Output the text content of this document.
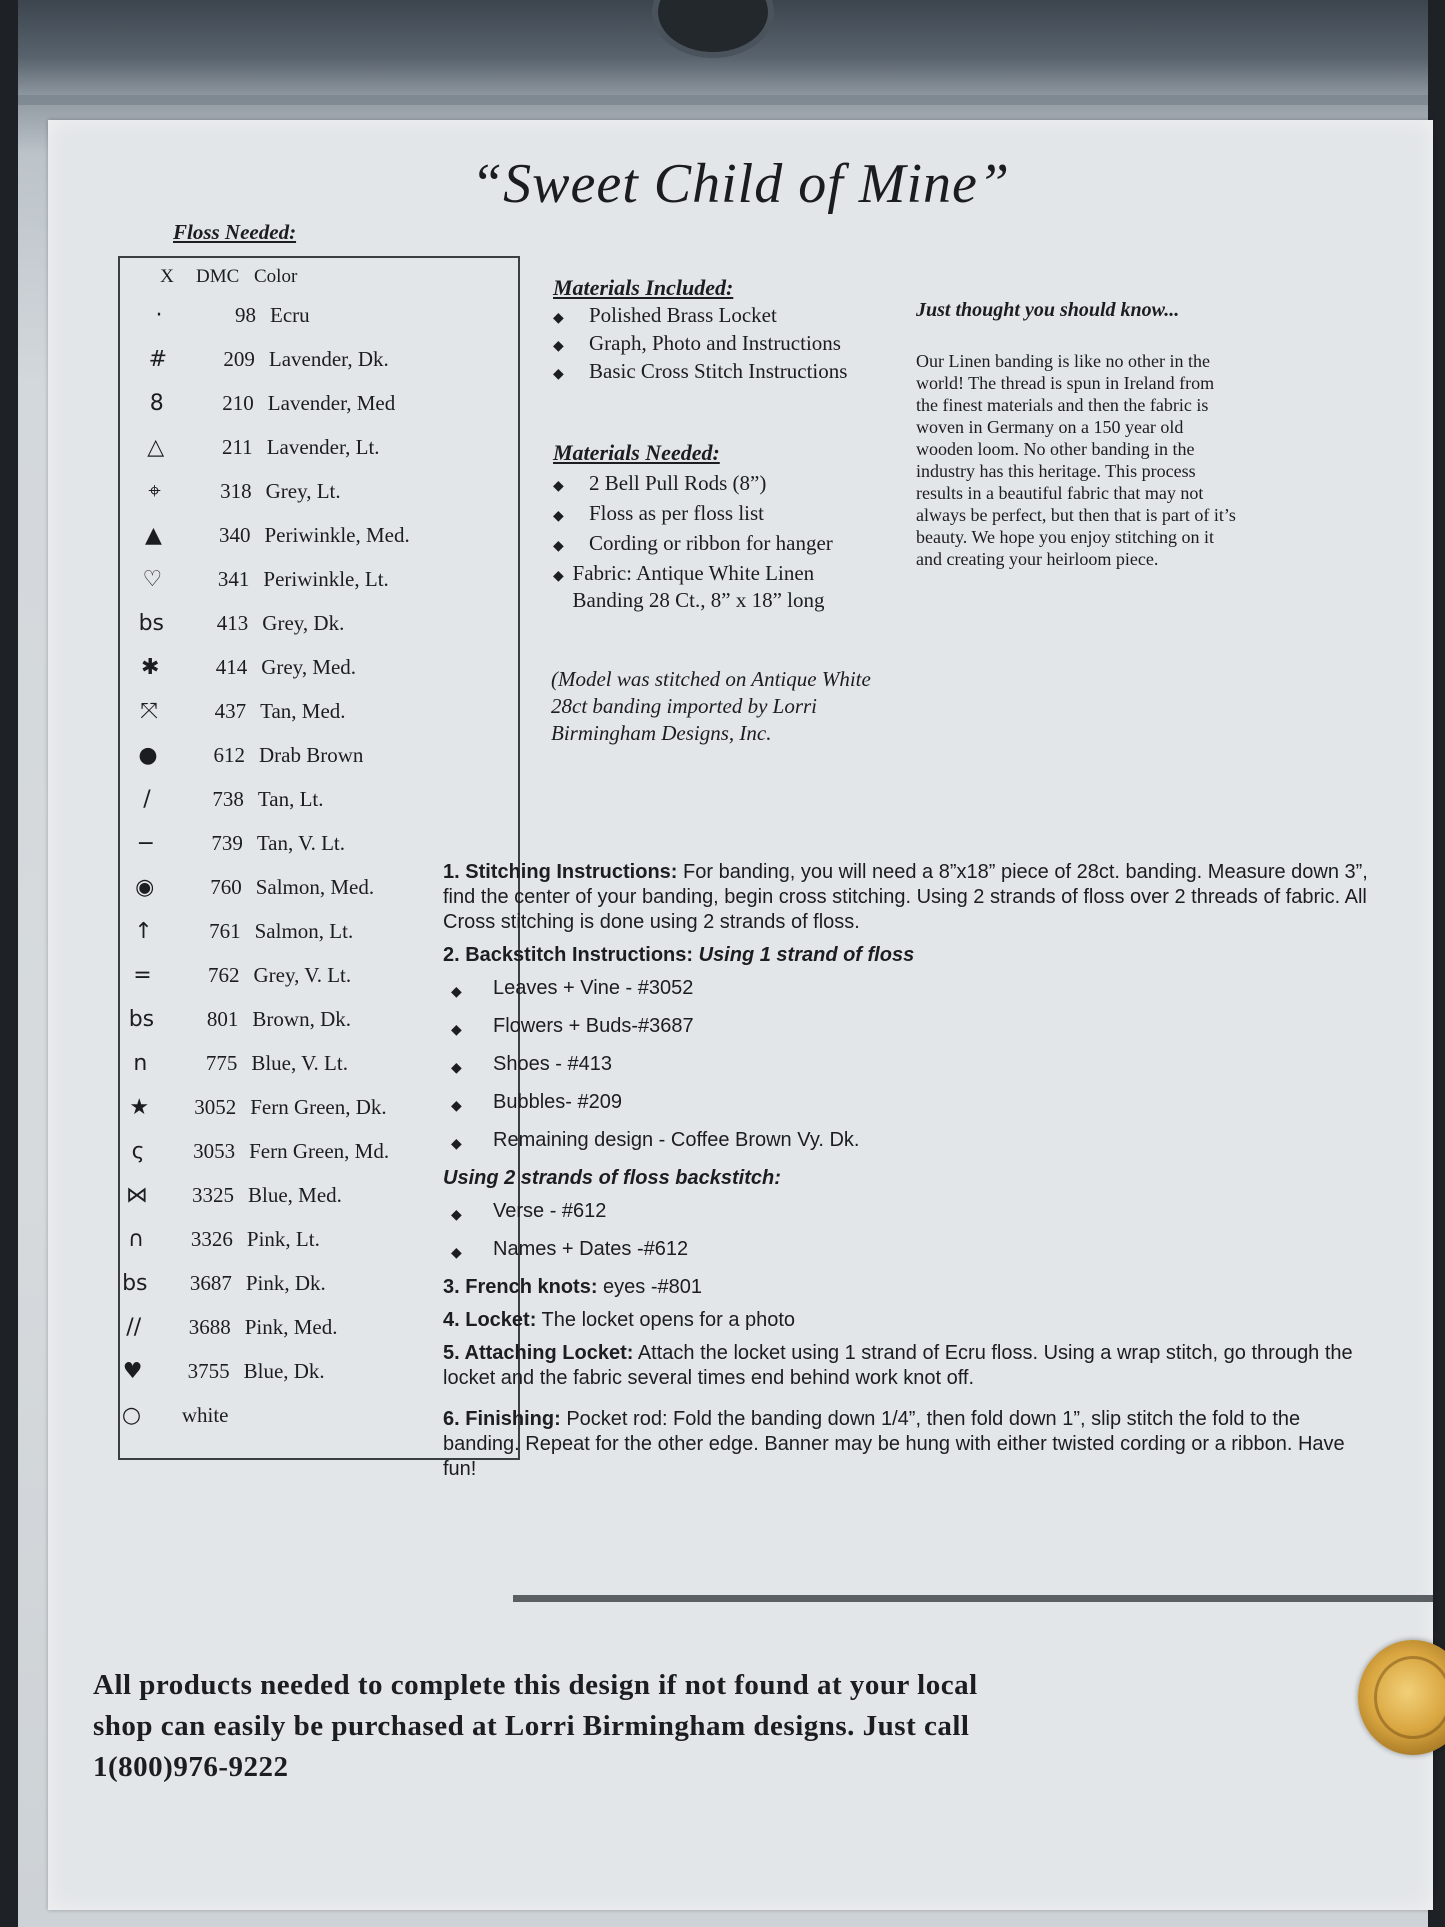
“Sweet Child of Mine”
Floss Needed:
X	DMC Color
·	98 Ecru
#	209 Lavender, Dk.
8	210 Lavender, Med
△	211 Lavender, Lt.
⌖	318 Grey, Lt.
▲	340 Periwinkle, Med.
♡	341 Periwinkle, Lt.
bs	413 Grey, Dk.
✱	414 Grey, Med.
⤧	437 Tan, Med.
●	612 Drab Brown
/	738 Tan, Lt.
−	739 Tan, V. Lt.
◉	760 Salmon, Med.
↑	761 Salmon, Lt.
=	762 Grey, V. Lt.
bs	801 Brown, Dk.
n	775 Blue, V. Lt.
★	3052 Fern Green, Dk.
ς	3053 Fern Green, Md.
⋈	3325 Blue, Med.
∩	3326 Pink, Lt.
bs	3687 Pink, Dk.
//	3688 Pink, Med.
♥	3755 Blue, Dk.
○	white
Materials Included:
◆	Polished Brass Locket
◆	Graph, Photo and Instructions
◆	Basic Cross Stitch Instructions
Materials Needed:
◆	2 Bell Pull Rods (8”)
◆	Floss as per floss list
◆	Cording or ribbon for hanger
◆ Fabric: Antique White Linen Banding 28 Ct., 8” x 18” long
(Model was stitched on Antique White 28ct banding imported by Lorri Birmingham Designs, Inc.
Just thought you should know...
Our Linen banding is like no other in the world! The thread is spun in Ireland from the finest materials and then the fabric is woven in Germany on a 150 year old wooden loom. No other banding in the industry has this heritage. This process results in a beautiful fabric that may not always be perfect, but then that is part of it’s beauty. We hope you enjoy stitching on it and creating your heirloom piece.

1. Stitching Instructions: For banding, you will need a 8”x18” piece of 28ct. banding. Measure down 3”, find the center of your banding, begin cross stitching. Using 2 strands of floss over 2 threads of fabric. All Cross stitching is done using 2 strands of floss.

2. Backstitch Instructions: Using 1 strand of floss

◆	Leaves + Vine - #3052
◆	Flowers + Buds-#3687
◆	Shoes - #413
◆	Bubbles- #209
◆	Remaining design - Coffee Brown Vy. Dk.

Using 2 strands of floss backstitch:

◆	Verse - #612
◆	Names + Dates -#612

3. French knots: eyes -#801

4. Locket: The locket opens for a photo

5. Attaching Locket: Attach the locket using 1 strand of Ecru floss. Using a wrap stitch, go through the locket and the fabric several times end behind work knot off.

6. Finishing: Pocket rod: Fold the banding down 1/4”, then fold down 1”, slip stitch the fold to the banding. Repeat for the other edge. Banner may be hung with either twisted cording or a ribbon. Have fun!

All products needed to complete this design if not found at your local shop can easily be purchased at Lorri Birmingham designs. Just call 1(800)976-9222
